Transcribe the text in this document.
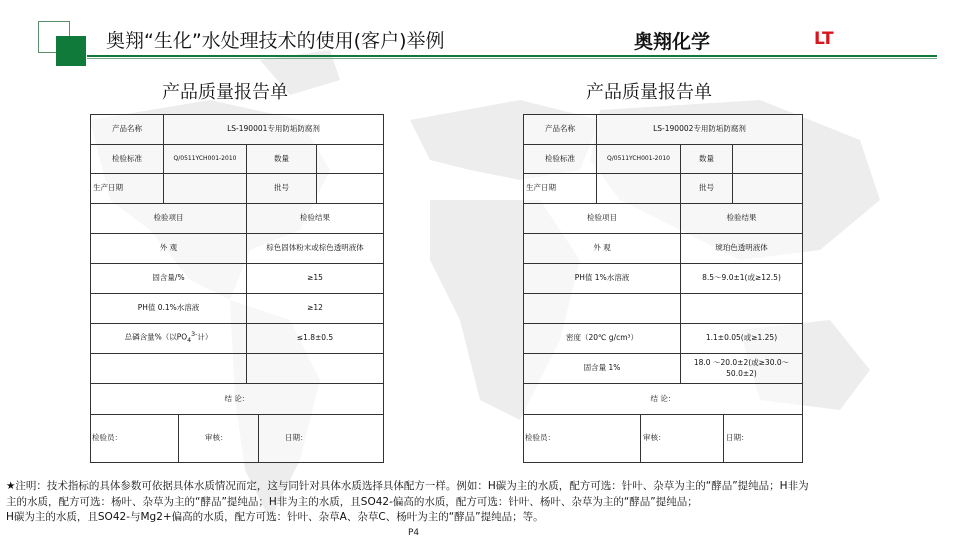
奥翔“生化”水处理技术的使用(客户)举例	奥翔化学	LT
产品质量报告单
产品名称	LS-190001专用防垢防腐剂		
检验标准	Q/0511YCH001-2010	数量	
生产日期		批号	
检验项目		检验结果	
外 观		棕色固体粉末或棕色透明液体	
固含量/%		≥15	
PH值 0.1%水溶液		≥12	
总磷含量%（以$PO_4^{3-}$计）		≤1.8±0.5	

结 论：			

检验员： 审核： 日期：			
产品质量报告单
产品名称	LS-190002专用防垢防腐剂		
检验标准	Q/0511YCH001-2010	数量	
生产日期		批号	
检验项目		检验结果	
外 观		琥珀色透明液体	
PH值 1%水溶液		8.5～9.0±1(或≥12.5)	

密度（20℃ g/cm³）		1.1±0.05(或≥1.25)	
固含量 1%		18.0 ～20.0±2(或≥30.0～50.0±2)	
结 论：			

检验员： 审核： 日期：			
★注明：技术指标的具体参数可依据具体水质情况而定，这与同针对具体水质选择具体配方一样。例如：H碳为主的水质，配方可选：针叶、杂草为主的“酵品”提纯品；H非为
主的水质，配方可选：杨叶、杂草为主的“酵品”提纯品；H非为主的水质，且SO42-偏高的水质，配方可选：针叶、杨叶、杂草为主的“酵品”提纯品；
H碳为主的水质，且SO42-与Mg2+偏高的水质，配方可选：针叶、杂草A、杂草C、杨叶为主的“酵品”提纯品；等。
P4
